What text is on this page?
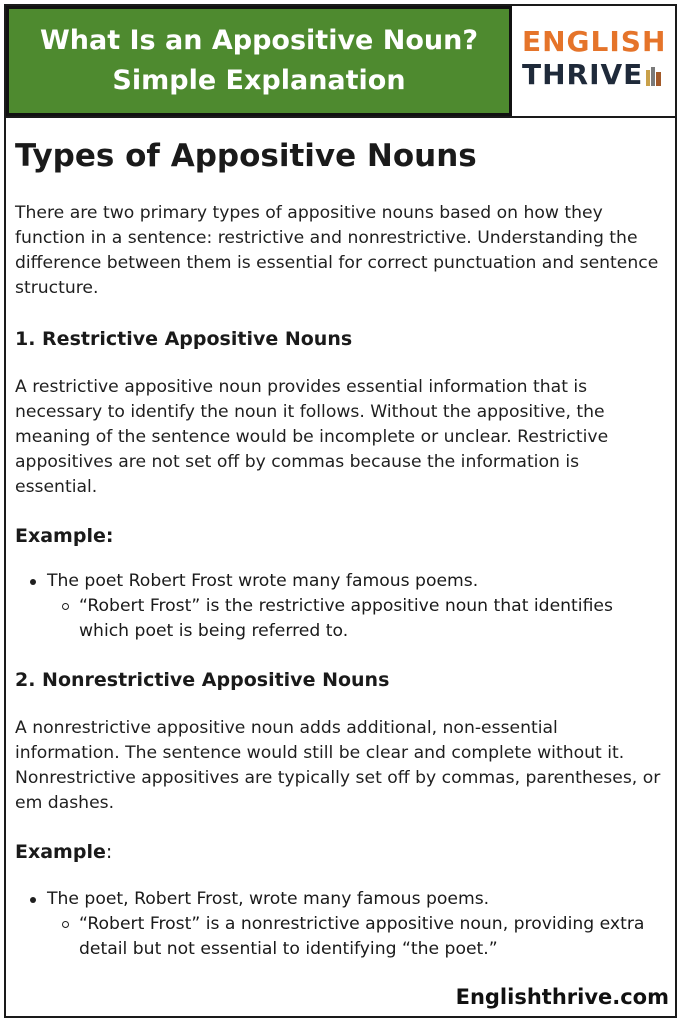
What Is an Appositive Noun?
Simple Explanation
ENGLISH
THRIVE
Types of Appositive Nouns

There are two primary types of appositive nouns based on how they function in a sentence: restrictive and nonrestrictive. Understanding the difference between them is essential for correct punctuation and sentence structure.

1. Restrictive Appositive Nouns

A restrictive appositive noun provides essential information that is necessary to identify the noun it follows. Without the appositive, the meaning of the sentence would be incomplete or unclear. Restrictive appositives are not set off by commas because the information is essential.

Example:
The poet Robert Frost wrote many famous poems.
“Robert Frost” is the restrictive appositive noun that identifies which poet is being referred to.
2. Nonrestrictive Appositive Nouns

A nonrestrictive appositive noun adds additional, non-essential information. The sentence would still be clear and complete without it. Nonrestrictive appositives are typically set off by commas, parentheses, or em dashes.

Example:
The poet, Robert Frost, wrote many famous poems.
“Robert Frost” is a nonrestrictive appositive noun, providing extra detail but not essential to identifying “the poet.”
Englishthrive.com
